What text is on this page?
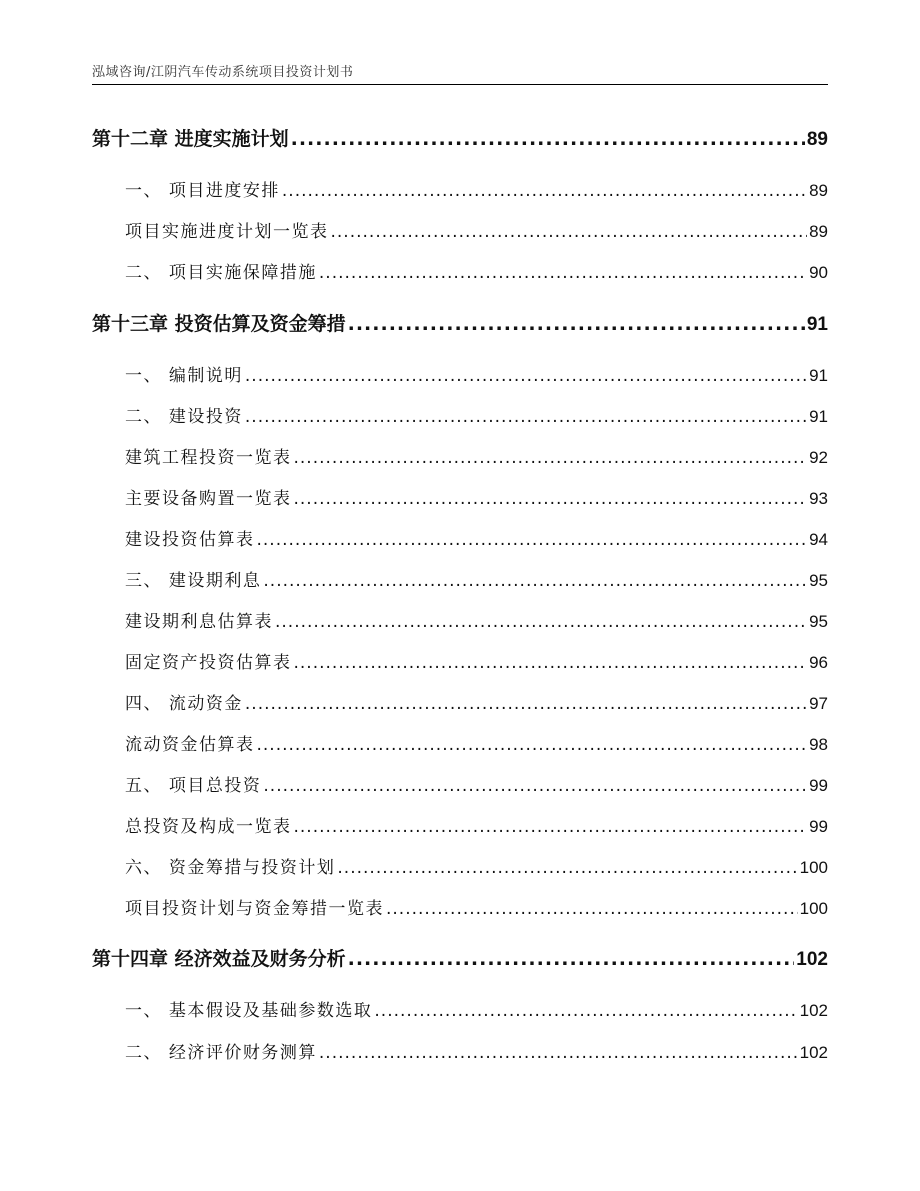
泓域咨询/江阴汽车传动系统项目投资计划书
第十二章 进度实施计划 .....	89
一、 项目进度安排 .....	89
项目实施进度计划一览表 .....	89
二、 项目实施保障措施 .....	90
第十三章 投资估算及资金筹措 .....	91
一、 编制说明 .....	91
二、 建设投资 .....	91
建筑工程投资一览表 .....	92
主要设备购置一览表 .....	93
建设投资估算表 .....	94
三、 建设期利息 .....	95
建设期利息估算表 .....	95
固定资产投资估算表 .....	96
四、 流动资金 .....	97
流动资金估算表 .....	98
五、 项目总投资 .....	99
总投资及构成一览表 .....	99
六、 资金筹措与投资计划 .....	100
项目投资计划与资金筹措一览表 .....	100
第十四章 经济效益及财务分析 .....	102
一、 基本假设及基础参数选取 .....	102
二、 经济评价财务测算 .....	102
